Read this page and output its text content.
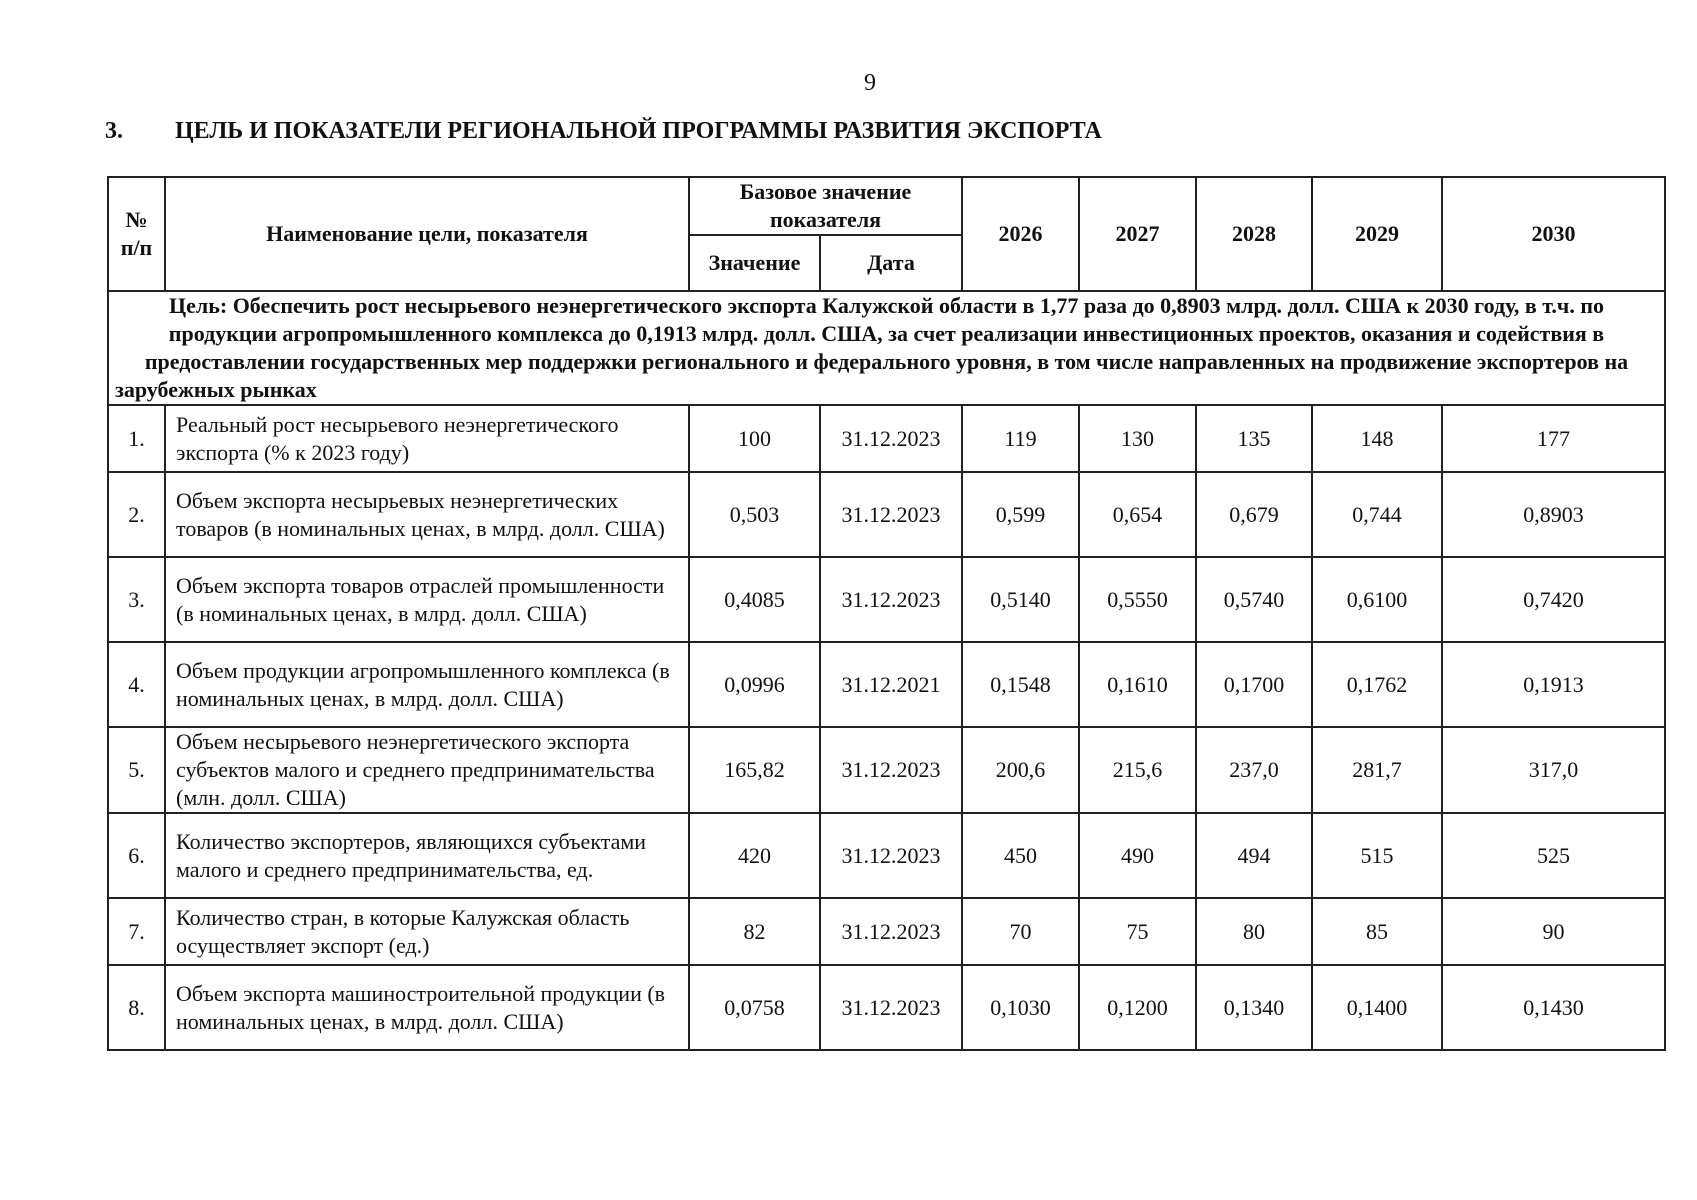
9
3. ЦЕЛЬ И ПОКАЗАТЕЛИ РЕГИОНАЛЬНОЙ ПРОГРАММЫ РАЗВИТИЯ ЭКСПОРТА
№ п/п	Наименование цели, показателя	Базовое значение показателя		2026	2027	2028	2029	2030
		Значение	Дата					
Цель: Обеспечить рост несырьевого неэнергетического экспорта Калужской области в 1,77 раза до 0,8903 млрд. долл. США к 2030 году, в т.ч. по продукции агропромышленного комплекса до 0,1913 млрд. долл. США, за счет реализации инвестиционных проектов, оказания и содействия в предоставлении государственных мер поддержки регионального и федерального уровня, в том числе направленных на продвижение экспортеров на зарубежных рынках								
1.	Реальный рост несырьевого неэнергетического экспорта (% к 2023 году)	100	31.12.2023	119	130	135	148	177
2.	Объем экспорта несырьевых неэнергетических товаров (в номинальных ценах, в млрд. долл. США)	0,503	31.12.2023	0,599	0,654	0,679	0,744	0,8903
3.	Объем экспорта товаров отраслей промышленности (в номинальных ценах, в млрд. долл. США)	0,4085	31.12.2023	0,5140	0,5550	0,5740	0,6100	0,7420
4.	Объем продукции агропромышленного комплекса (в номинальных ценах, в млрд. долл. США)	0,0996	31.12.2021	0,1548	0,1610	0,1700	0,1762	0,1913
5.	Объем несырьевого неэнергетического экспорта субъектов малого и среднего предпринимательства (млн. долл. США)	165,82	31.12.2023	200,6	215,6	237,0	281,7	317,0
6.	Количество экспортеров, являющихся субъектами малого и среднего предпринимательства, ед.	420	31.12.2023	450	490	494	515	525
7.	Количество стран, в которые Калужская область осуществляет экспорт (ед.)	82	31.12.2023	70	75	80	85	90
8.	Объем экспорта машиностроительной продукции (в номинальных ценах, в млрд. долл. США)	0,0758	31.12.2023	0,1030	0,1200	0,1340	0,1400	0,1430
